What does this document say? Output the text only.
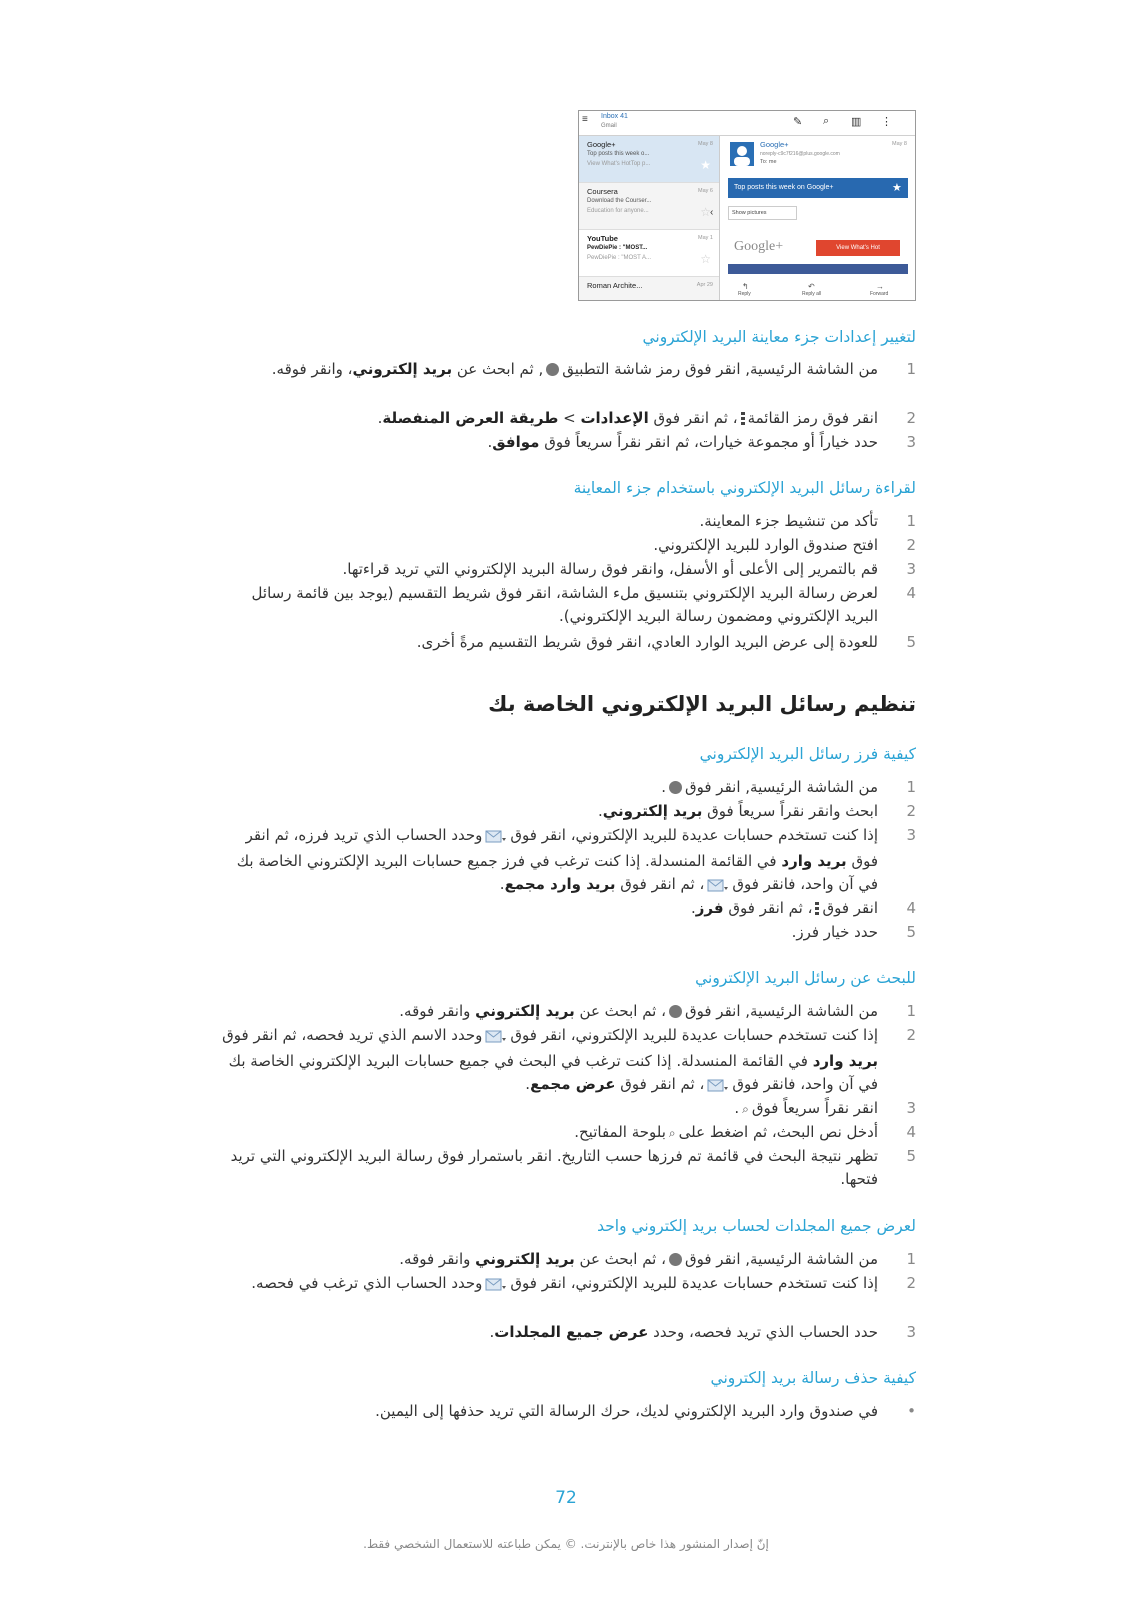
≡ Inbox 41
Gmail	✎ ⌕ ▥ ⋮
Google+	May 8
Top posts this week o...
View What's HotTop p...	★
Coursera	May 6
Download the Courser...
Education for anyone...	☆
YouTube	May 1
PewDiePie : "MOST...
PewDiePie : "MOST A...	☆
Roman Archite...	Apr 29
Google+	May 8
noreply-c9c7f216@plus.google.com
To: me
Top posts this week on Google+	★
Show pictures
Google+	View What's Hot
↰
Reply
↶
Reply all
→
Forward
‹
لتغيير إعدادات جزء معاينة البريد الإلكتروني
1
من الشاشة الرئيسية, انقر فوق رمز شاشة التطبيق, ثم ابحث عن بريد إلكتروني، وانقر فوقه.
2
انقر فوق رمز القائمة، ثم انقر فوق الإعدادات > طريقة العرض المنفصلة.
3
حدد خياراً أو مجموعة خيارات، ثم انقر نقراً سريعاً فوق موافق.
لقراءة رسائل البريد الإلكتروني باستخدام جزء المعاينة
1
تأكد من تنشيط جزء المعاينة.
2
افتح صندوق الوارد للبريد الإلكتروني.
3
قم بالتمرير إلى الأعلى أو الأسفل، وانقر فوق رسالة البريد الإلكتروني التي تريد قراءتها.
4
لعرض رسالة البريد الإلكتروني بتنسيق ملء الشاشة، انقر فوق شريط التقسيم (يوجد بين قائمة رسائل البريد الإلكتروني ومضمون رسالة البريد الإلكتروني).
5
للعودة إلى عرض البريد الوارد العادي، انقر فوق شريط التقسيم مرةً أخرى.
تنظيم رسائل البريد الإلكتروني الخاصة بك
كيفية فرز رسائل البريد الإلكتروني
1
من الشاشة الرئيسية, انقر فوق.
2
ابحث وانقر نقراً سريعاً فوق بريد إلكتروني.
3
إذا كنت تستخدم حسابات عديدة للبريد الإلكتروني، انقر فوقوحدد الحساب الذي تريد فرزه، ثم انقر فوق بريد وارد في القائمة المنسدلة. إذا كنت ترغب في فرز جميع حسابات البريد الإلكتروني الخاصة بك في آن واحد، فانقر فوق، ثم انقر فوق بريد وارد مجمع.
4
انقر فوق، ثم انقر فوق فرز.
5
حدد خيار فرز.
للبحث عن رسائل البريد الإلكتروني
1
من الشاشة الرئيسية, انقر فوق، ثم ابحث عن بريد إلكتروني وانقر فوقه.
2
إذا كنت تستخدم حسابات عديدة للبريد الإلكتروني، انقر فوقوحدد الاسم الذي تريد فحصه، ثم انقر فوق بريد وارد في القائمة المنسدلة. إذا كنت ترغب في البحث في جميع حسابات البريد الإلكتروني الخاصة بك في آن واحد، فانقر فوق، ثم انقر فوق عرض مجمع.
3
انقر نقراً سريعاً فوق⌕.
4
أدخل نص البحث، ثم اضغط على⌕بلوحة المفاتيح.
5
تظهر نتيجة البحث في قائمة تم فرزها حسب التاريخ. انقر باستمرار فوق رسالة البريد الإلكتروني التي تريد فتحها.
لعرض جميع المجلدات لحساب بريد إلكتروني واحد
1
من الشاشة الرئيسية, انقر فوق، ثم ابحث عن بريد إلكتروني وانقر فوقه.
2
إذا كنت تستخدم حسابات عديدة للبريد الإلكتروني، انقر فوقوحدد الحساب الذي ترغب في فحصه.
3
حدد الحساب الذي تريد فحصه، وحدد عرض جميع المجلدات.
كيفية حذف رسالة بريد إلكتروني
•
في صندوق وارد البريد الإلكتروني لديك، حرك الرسالة التي تريد حذفها إلى اليمين.
72
إنّ إصدار المنشور هذا خاص بالإنترنت. © يمكن طباعته للاستعمال الشخصي فقط.
